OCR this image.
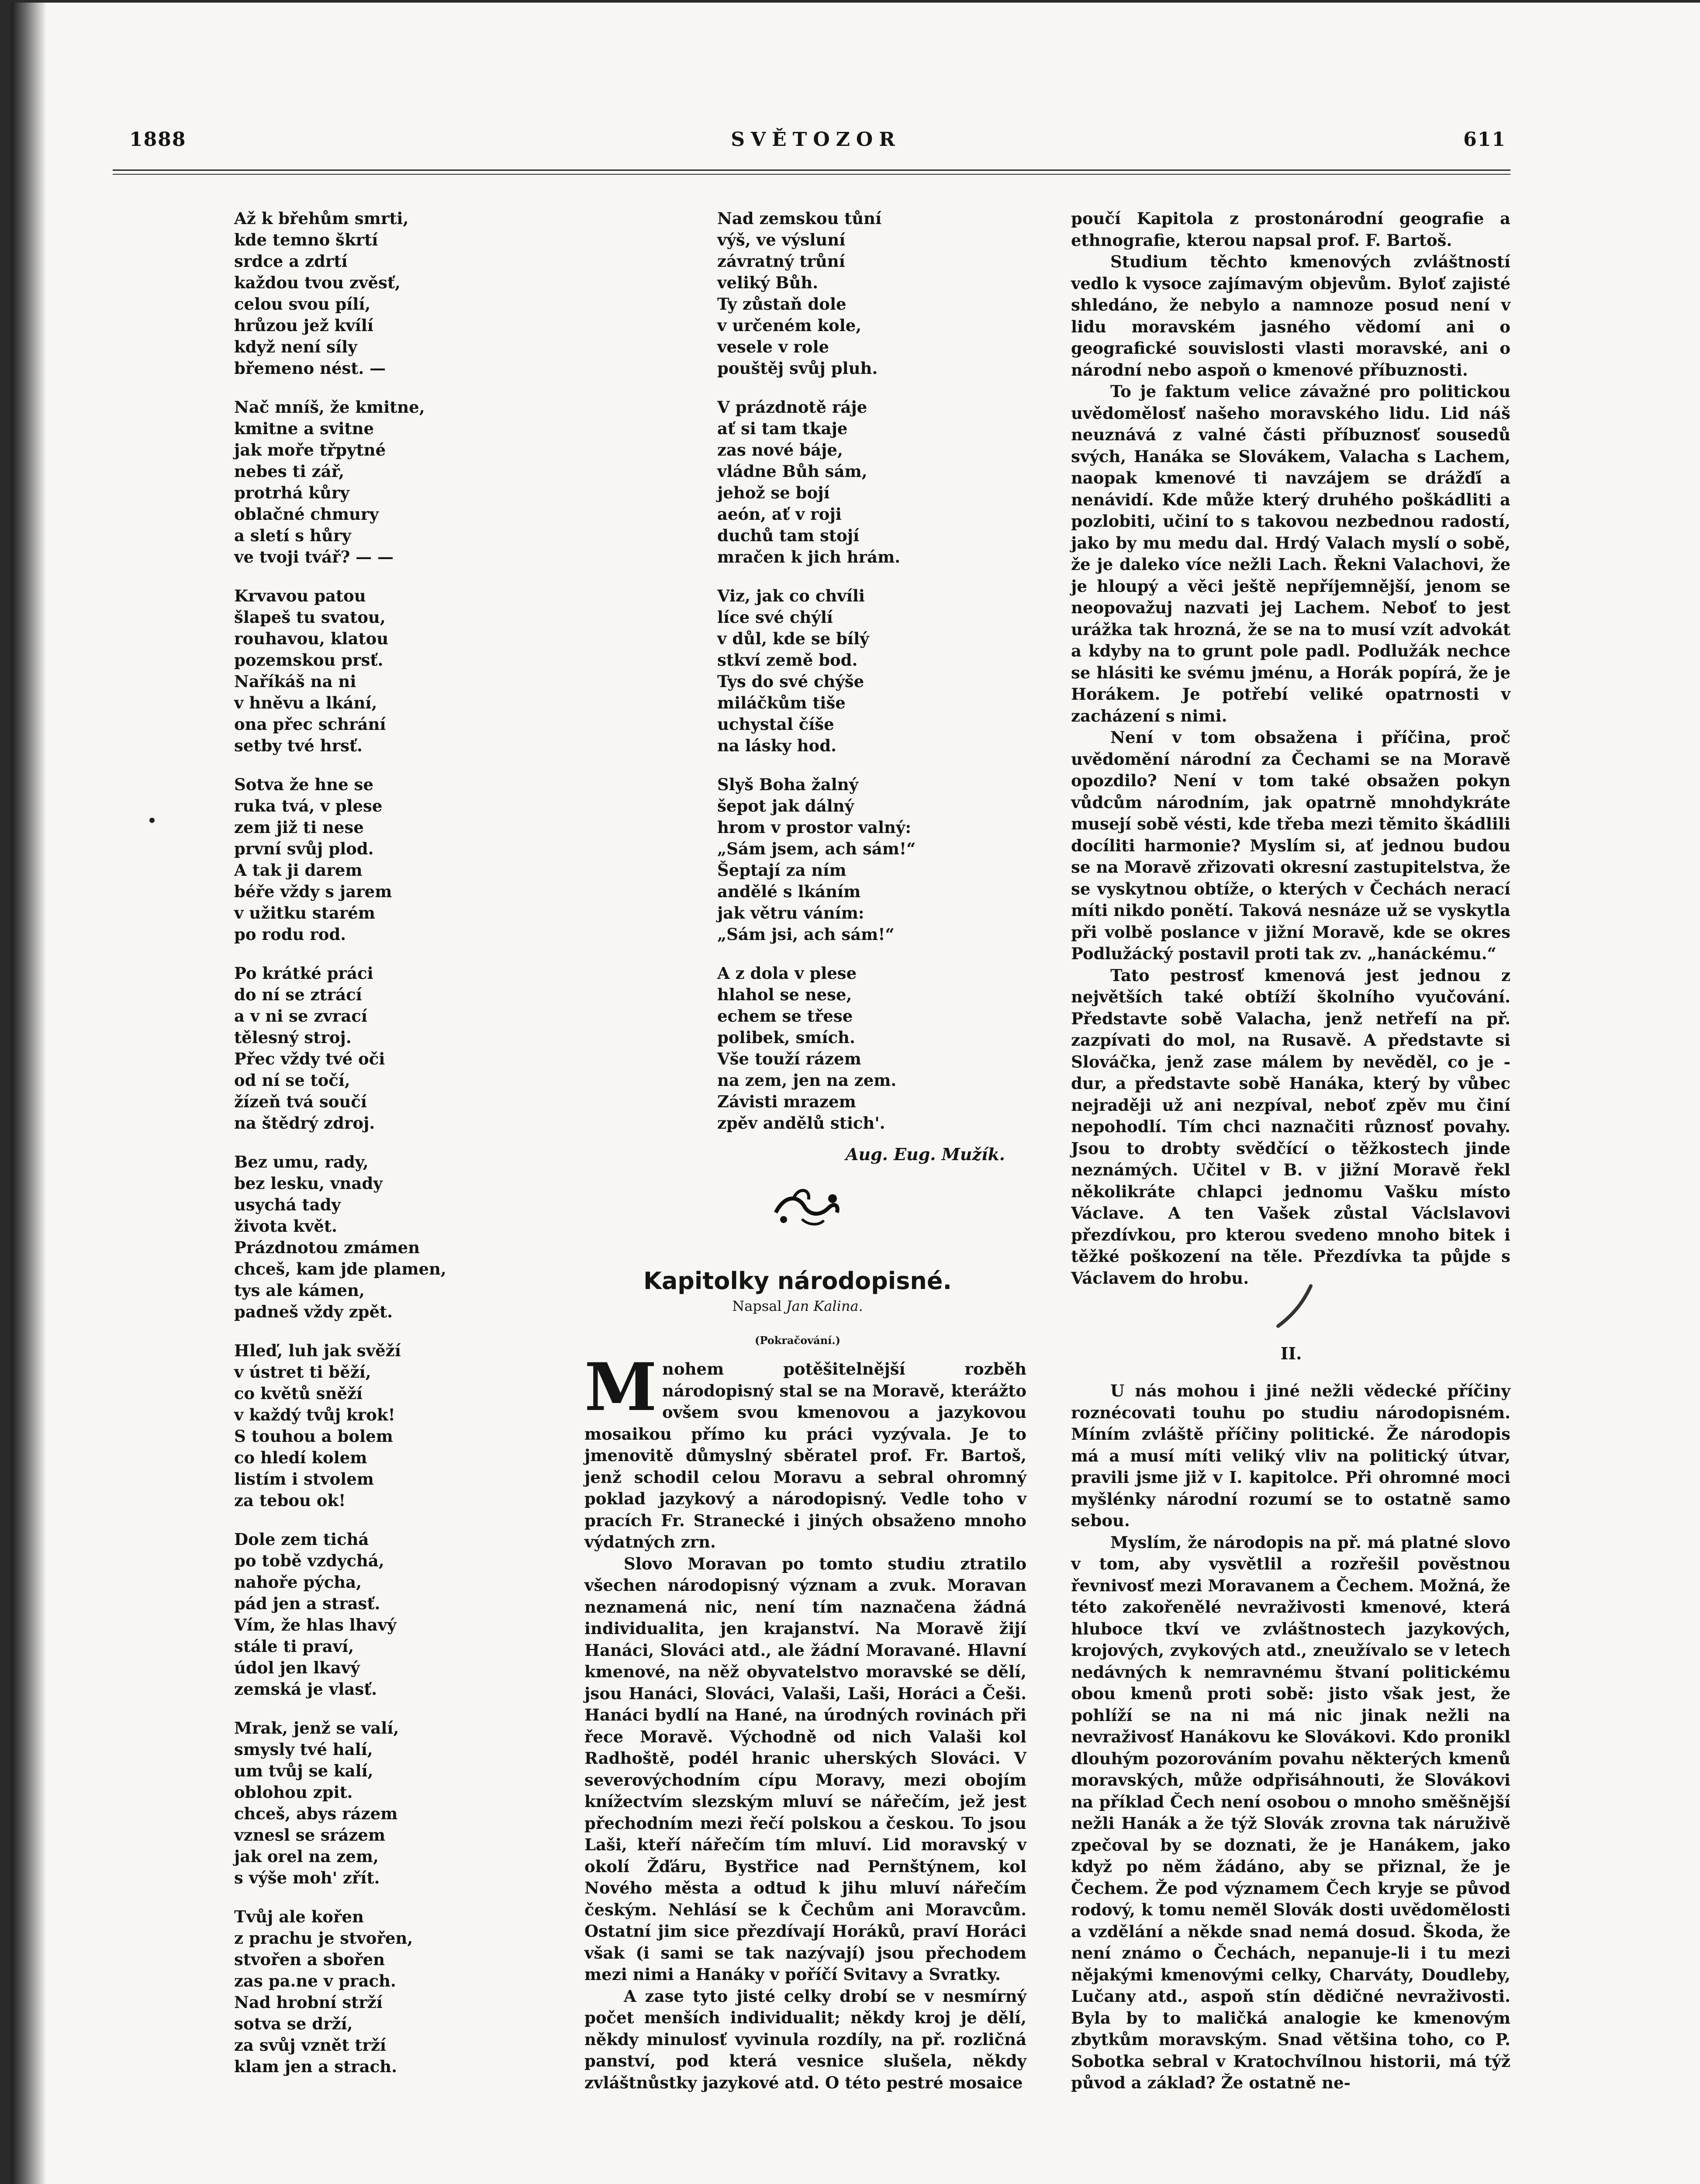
1888	SVĚTOZOR	611
Až k břehům smrti,
kde temno škrtí
srdce a zdrtí
každou tvou zvěsť,
celou svou pílí,
hrůzou jež kvílí
když není síly
břemeno nést. —
Nač mníš, že kmitne,
kmitne a svitne
jak moře třpytné
nebes ti zář,
protrhá kůry
oblačné chmury
a sletí s hůry
ve tvoji tvář? — —
Krvavou patou
šlapeš tu svatou,
rouhavou, klatou
pozemskou prsť.
Naříkáš na ni
v hněvu a lkání,
ona přec schrání
setby tvé hrsť.
Sotva že hne se
ruka tvá, v plese
zem již ti nese
první svůj plod.
A tak ji darem
béře vždy s jarem
v užitku starém
po rodu rod.
Po krátké práci
do ní se ztrácí
a v ni se zvrací
tělesný stroj.
Přec vždy tvé oči
od ní se točí,
žízeň tvá součí
na štědrý zdroj.
Bez umu, rady,
bez lesku, vnady
usychá tady
života květ.
Prázdnotou zmámen
chceš, kam jde plamen,
tys ale kámen,
padneš vždy zpět.
Hleď, luh jak svěží
v ústret ti běží,
co květů sněží
v každý tvůj krok!
S touhou a bolem
co hledí kolem
listím i stvolem
za tebou ok!
Dole zem tichá
po tobě vzdychá,
nahoře pýcha,
pád jen a strasť.
Vím, že hlas lhavý
stále ti praví,
údol jen lkavý
zemská je vlasť.
Mrak, jenž se valí,
smysly tvé halí,
um tvůj se kalí,
oblohou zpit.
chceš, abys rázem
vznesl se srázem
jak orel na zem,
s výše moh' zřít.
Tvůj ale kořen
z prachu je stvořen,
stvořen a sbořen
zas pa.ne v prach.
Nad hrobní strží
sotva se drží,
za svůj vznět trží
klam jen a strach.
Nad zemskou tůní
výš, ve výsluní
závratný trůní
veliký Bůh.
Ty zůstaň dole
v určeném kole,
vesele v role
pouštěj svůj pluh.
V prázdnotě ráje
ať si tam tkaje
zas nové báje,
vládne Bůh sám,
jehož se bojí
aeón, ať v roji
duchů tam stojí
mračen k jich hrám.
Viz, jak co chvíli
líce své chýlí
v důl, kde se bílý
stkví země bod.
Tys do své chýše
miláčkům tiše
uchystal číše
na lásky hod.
Slyš Boha žalný
šepot jak dálný
hrom v prostor valný:
„Sám jsem, ach sám!“
Šeptají za ním
andělé s lkáním
jak větru váním:
„Sám jsi, ach sám!“
A z dola v plese
hlahol se nese,
echem se třese
polibek, smích.
Vše touží rázem
na zem, jen na zem.
Závisti mrazem
zpěv andělů stich'.
Aug. Eug. Mužík.
Kapitolky národopisné.
Napsal Jan Kalina.
(Pokračování.)
M nohem potěšitelnější rozběh národopisný stal se na Moravě, kterážto ovšem svou kmenovou a jazykovou mosaikou přímo ku práci vyzývala. Je to jmenovitě důmyslný sběratel prof. Fr. Bartoš, jenž schodil celou Moravu a sebral ohromný poklad jazykový a národopisný. Vedle toho v pracích Fr. Stranecké i jiných obsaženo mnoho výdatných zrn.

Slovo Moravan po tomto studiu ztratilo všechen národopisný význam a zvuk. Moravan neznamená nic, není tím naznačena žádná individualita, jen krajanství. Na Moravě žijí Hanáci, Slováci atd., ale žádní Moravané. Hlavní kmenové, na něž obyvatelstvo moravské se dělí, jsou Hanáci, Slováci, Valaši, Laši, Horáci a Češi. Hanáci bydlí na Hané, na úrodných rovinách při řece Moravě. Východně od nich Valaši kol Radhoště, podél hranic uherských Slováci. V severovýchodním cípu Moravy, mezi obojím knížectvím slezským mluví se nářečím, jež jest přechodním mezi řečí polskou a českou. To jsou Laši, kteří nářečím tím mluví. Lid moravský v okolí Žďáru, Bystřice nad Pernštýnem, kol Nového města a odtud k jihu mluví nářečím českým. Nehlásí se k Čechům ani Moravcům. Ostatní jim sice přezdívají Horáků, praví Horáci však (i sami se tak nazývají) jsou přechodem mezi nimi a Hanáky v poříčí Svitavy a Svratky.

A zase tyto jisté celky drobí se v nesmírný počet menších individualit; někdy kroj je dělí, někdy minulosť vyvinula rozdíly, na př. rozličná panství, pod která vesnice slušela, někdy zvláštnůstky jazykové atd. O této pestré mosaice

poučí Kapitola z prostonárodní geografie a ethnografie, kterou napsal prof. F. Bartoš.

Studium těchto kmenových zvláštností vedlo k vysoce zajímavým objevům. Byloť zajisté shledáno, že nebylo a namnoze posud není v lidu moravském jasného vědomí ani o geografické souvislosti vlasti moravské, ani o národní nebo aspoň o kmenové příbuznosti.

To je faktum velice závažné pro politickou uvědomělosť našeho moravského lidu. Lid náš neuznává z valné části příbuznosť sousedů svých, Hanáka se Slovákem, Valacha s Lachem, naopak kmenové ti navzájem se drážďí a nenávidí. Kde může který druhého poškádliti a pozlobiti, učiní to s takovou nezbednou radostí, jako by mu medu dal. Hrdý Valach myslí o sobě, že je daleko více nežli Lach. Řekni Valachovi, že je hloupý a věci ještě nepříjemnější, jenom se neopovažuj nazvati jej Lachem. Neboť to jest urážka tak hrozná, že se na to musí vzít advokát a kdyby na to grunt pole padl. Podlužák nechce se hlásiti ke svému jménu, a Horák popírá, že je Horákem. Je potřebí veliké opatrnosti v zacházení s nimi.

Není v tom obsažena i příčina, proč uvědomění národní za Čechami se na Moravě opozdilo? Není v tom také obsažen pokyn vůdcům národním, jak opatrně mnohdykráte musejí sobě vésti, kde třeba mezi těmito škádlili docíliti harmonie? Myslím si, ať jednou budou se na Moravě zřizovati okresní zastupitelstva, že se vyskytnou obtíže, o kterých v Čechách nerací míti nikdo ponětí. Taková nesnáze už se vyskytla při volbě poslance v jižní Moravě, kde se okres Podlužácký postavil proti tak zv. „hanáckému.“

Tato pestrosť kmenová jest jednou z největších také obtíží školního vyučování. Představte sobě Valacha, jenž netřefí na př. zazpívati do mol, na Rusavě. A představte si Slováčka, jenž zase málem by nevěděl, co je -dur, a představte sobě Hanáka, který by vůbec nejraději už ani nezpíval, neboť zpěv mu činí nepohodlí. Tím chci naznačiti různosť povahy. Jsou to drobty svědčící o těžkostech jinde neznámých. Učitel v B. v jižní Moravě řekl několikráte chlapci jednomu Vašku místo Václave. A ten Vašek zůstal Václslavovi přezdívkou, pro kterou svedeno mnoho bitek i těžké poškození na těle. Přezdívka ta půjde s Václavem do hrobu.

II.

U nás mohou i jiné nežli vědecké příčiny roznécovati touhu po studiu národopisném. Míním zvláště příčiny politické. Že národopis má a musí míti veliký vliv na politický útvar, pravili jsme již v I. kapitolce. Při ohromné moci myšlénky národní rozumí se to ostatně samo sebou.

Myslím, že národopis na př. má platné slovo v tom, aby vysvětlil a rozřešil pověstnou řevnivosť mezi Moravanem a Čechem. Možná, že této zakořenělé nevraživosti kmenové, která hluboce tkví ve zvláštnostech jazykových, krojových, zvykových atd., zneužívalo se v letech nedávných k nemravnému štvaní politickému obou kmenů proti sobě: jisto však jest, že pohlíží se na ni má nic jinak nežli na nevraživosť Hanákovu ke Slovákovi. Kdo pronikl dlouhým pozorováním povahu některých kmenů moravských, může odpřisáhnouti, že Slovákovi na příklad Čech není osobou o mnoho směšnější nežli Hanák a že týž Slovák zrovna tak náruživě zpečoval by se doznati, že je Hanákem, jako když po něm žádáno, aby se přiznal, že je Čechem. Že pod významem Čech kryje se původ rodový, k tomu neměl Slovák dosti uvědomělosti a vzdělání a někde snad nemá dosud. Škoda, že není známo o Čechách, nepanuje-li i tu mezi nějakými kmenovými celky, Charváty, Doudleby, Lučany atd., aspoň stín dědičné nevraživosti. Byla by to maličká analogie ke kmenovým zbytkům moravským. Snad většina toho, co P. Sobotka sebral v Kratochvílnou historii, má týž původ a základ? Že ostatně ne-
